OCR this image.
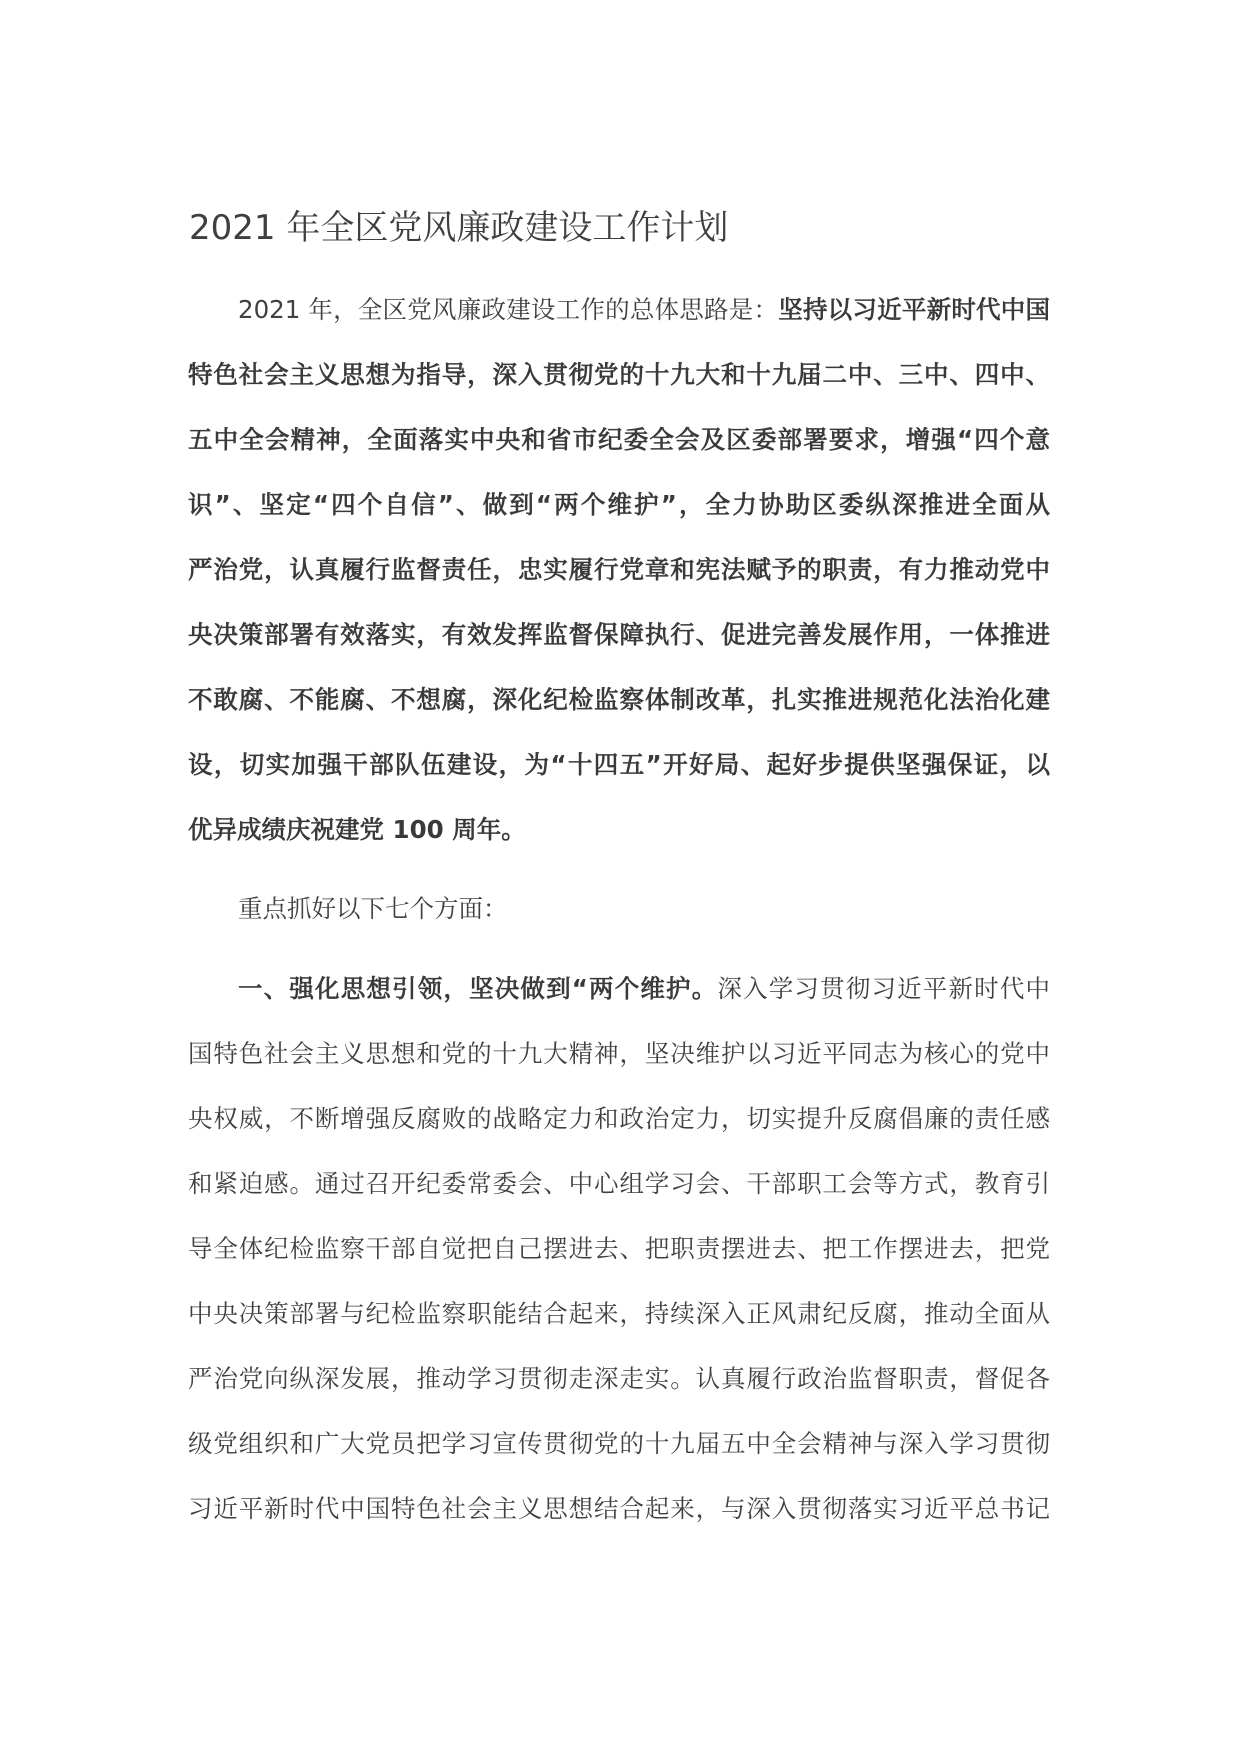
2021 年全区党风廉政建设工作计划
2021 年，全区党风廉政建设工作的总体思路是：坚持以习近平新时代中国
特色社会主义思想为指导，深入贯彻党的十九大和十九届二中、三中、四中、
五中全会精神，全面落实中央和省市纪委全会及区委部署要求，增强“四个意
识”、坚定“四个自信”、做到“两个维护”，全力协助区委纵深推进全面从
严治党，认真履行监督责任，忠实履行党章和宪法赋予的职责，有力推动党中
央决策部署有效落实，有效发挥监督保障执行、促进完善发展作用，一体推进
不敢腐、不能腐、不想腐，深化纪检监察体制改革，扎实推进规范化法治化建
设，切实加强干部队伍建设，为“十四五”开好局、起好步提供坚强保证，以
优异成绩庆祝建党 100 周年。
重点抓好以下七个方面：
一、强化思想引领，坚决做到“两个维护。深入学习贯彻习近平新时代中
国特色社会主义思想和党的十九大精神，坚决维护以习近平同志为核心的党中
央权威，不断增强反腐败的战略定力和政治定力，切实提升反腐倡廉的责任感
和紧迫感。通过召开纪委常委会、中心组学习会、干部职工会等方式，教育引
导全体纪检监察干部自觉把自己摆进去、把职责摆进去、把工作摆进去，把党
中央决策部署与纪检监察职能结合起来，持续深入正风肃纪反腐，推动全面从
严治党向纵深发展，推动学习贯彻走深走实。认真履行政治监督职责，督促各
级党组织和广大党员把学习宣传贯彻党的十九届五中全会精神与深入学习贯彻
习近平新时代中国特色社会主义思想结合起来，与深入贯彻落实习近平总书记
